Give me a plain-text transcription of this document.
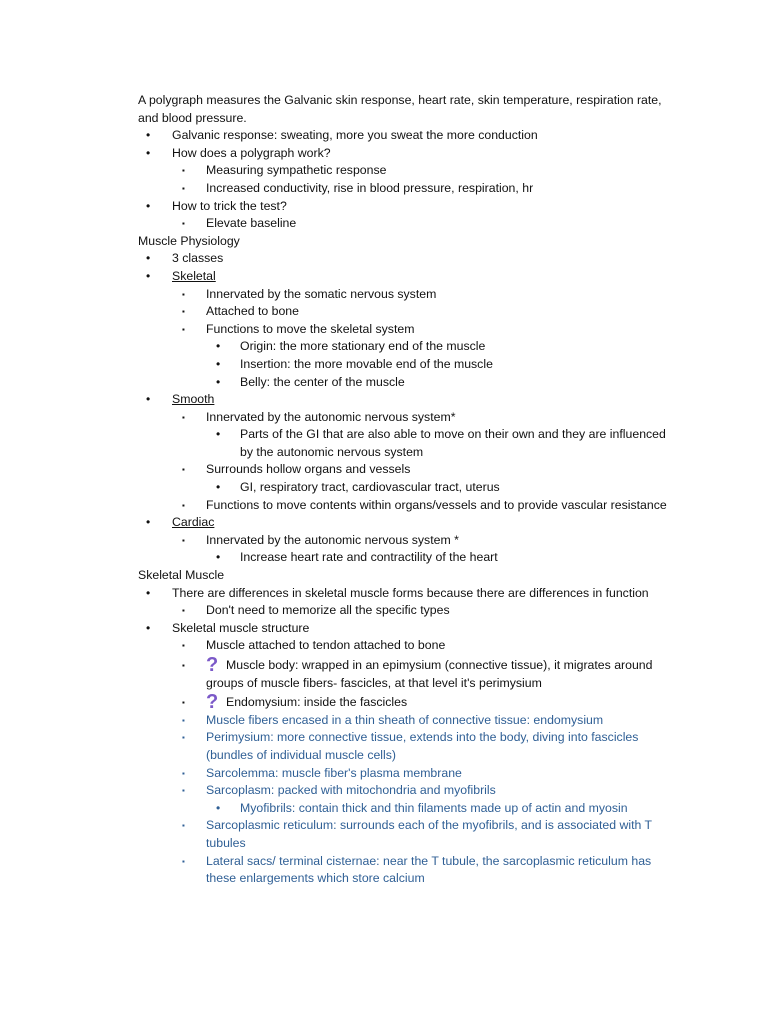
A polygraph measures the Galvanic skin response, heart rate, skin temperature, respiration rate, and blood pressure.
• Galvanic response: sweating, more you sweat the more conduction
• How does a polygraph work?
▪ Measuring sympathetic response
▪ Increased conductivity, rise in blood pressure, respiration, hr
• How to trick the test?
▪ Elevate baseline
Muscle Physiology
• 3 classes
• Skeletal
▪ Innervated by the somatic nervous system
▪ Attached to bone
▪ Functions to move the skeletal system
• Origin: the more stationary end of the muscle
• Insertion: the more movable end of the muscle
• Belly: the center of the muscle
• Smooth
▪ Innervated by the autonomic nervous system*
• Parts of the GI that are also able to move on their own and they are influenced by the autonomic nervous system
▪ Surrounds hollow organs and vessels
• GI, respiratory tract, cardiovascular tract, uterus
▪ Functions to move contents within organs/vessels and to provide vascular resistance
• Cardiac
▪ Innervated by the autonomic nervous system *
• Increase heart rate and contractility of the heart
Skeletal Muscle
• There are differences in skeletal muscle forms because there are differences in function
▪ Don't need to memorize all the specific types
• Skeletal muscle structure
▪ Muscle attached to tendon attached to bone
▪ ? Muscle body: wrapped in an epimysium (connective tissue), it migrates around groups of muscle fibers- fascicles, at that level it's perimysium
▪ ? Endomysium: inside the fascicles
▪ Muscle fibers encased in a thin sheath of connective tissue: endomysium
▪ Perimysium: more connective tissue, extends into the body, diving into fascicles (bundles of individual muscle cells)
▪ Sarcolemma: muscle fiber's plasma membrane
▪ Sarcoplasm: packed with mitochondria and myofibrils
• Myofibrils: contain thick and thin filaments made up of actin and myosin
▪ Sarcoplasmic reticulum: surrounds each of the myofibrils, and is associated with T tubules
▪ Lateral sacs/ terminal cisternae: near the T tubule, the sarcoplasmic reticulum has these enlargements which store calcium
